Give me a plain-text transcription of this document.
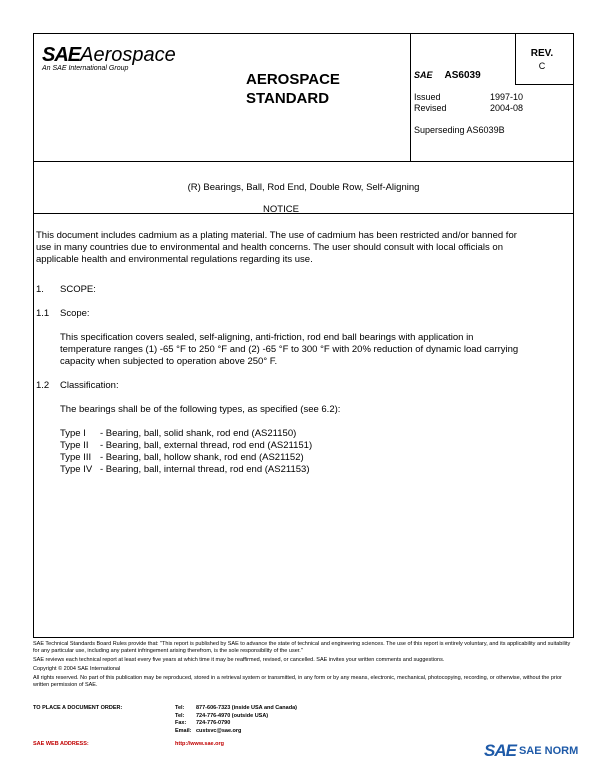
SAEAerospace
An SAE International Group
AEROSPACE
STANDARD
SAE AS6039
REV.
C
Issued	1997-10
Revised	2004-08
Superseding AS6039B
(R) Bearings, Ball, Rod End, Double Row, Self-Aligning
NOTICE
This document includes cadmium as a plating material. The use of cadmium has been restricted and/or banned for use in many countries due to environmental and health concerns. The user should consult with local officials on applicable health and environmental regulations regarding its use.
1. SCOPE:
1.1 Scope:
This specification covers sealed, self-aligning, anti-friction, rod end ball bearings with application in temperature ranges (1) -65 °F to 250 °F and (2) -65 °F to 300 °F with 20% reduction of dynamic load carrying capacity when subjected to operation above 250° F.
1.2 Classification:
The bearings shall be of the following types, as specified (see 6.2):
Type I	- Bearing, ball, solid shank, rod end (AS21150)
Type II	- Bearing, ball, external thread, rod end (AS21151)
Type III - Bearing, ball, hollow shank, rod end (AS21152)
Type IV - Bearing, ball, internal thread, rod end (AS21153)

SAE Technical Standards Board Rules provide that: "This report is published by SAE to advance the state of technical and engineering sciences. The use of this report is entirely voluntary, and its applicability and suitability for any particular use, including any patent infringement arising therefrom, is the sole responsibility of the user."

SAE reviews each technical report at least every five years at which time it may be reaffirmed, revised, or cancelled. SAE invites your written comments and suggestions.

Copyright © 2004 SAE International

All rights reserved. No part of this publication may be reproduced, stored in a retrieval system or transmitted, in any form or by any means, electronic, mechanical, photocopying, recording, or otherwise, without the prior written permission of SAE.

TO PLACE A DOCUMENT ORDER:	Tel:	877-606-7323 (inside USA and Canada)
Tel:	724-776-4970 (outside USA)
Fax:	724-776-0790
Email: custsvc@sae.org
SAE WEB ADDRESS:	http://www.sae.org	SAE SAE NORM
